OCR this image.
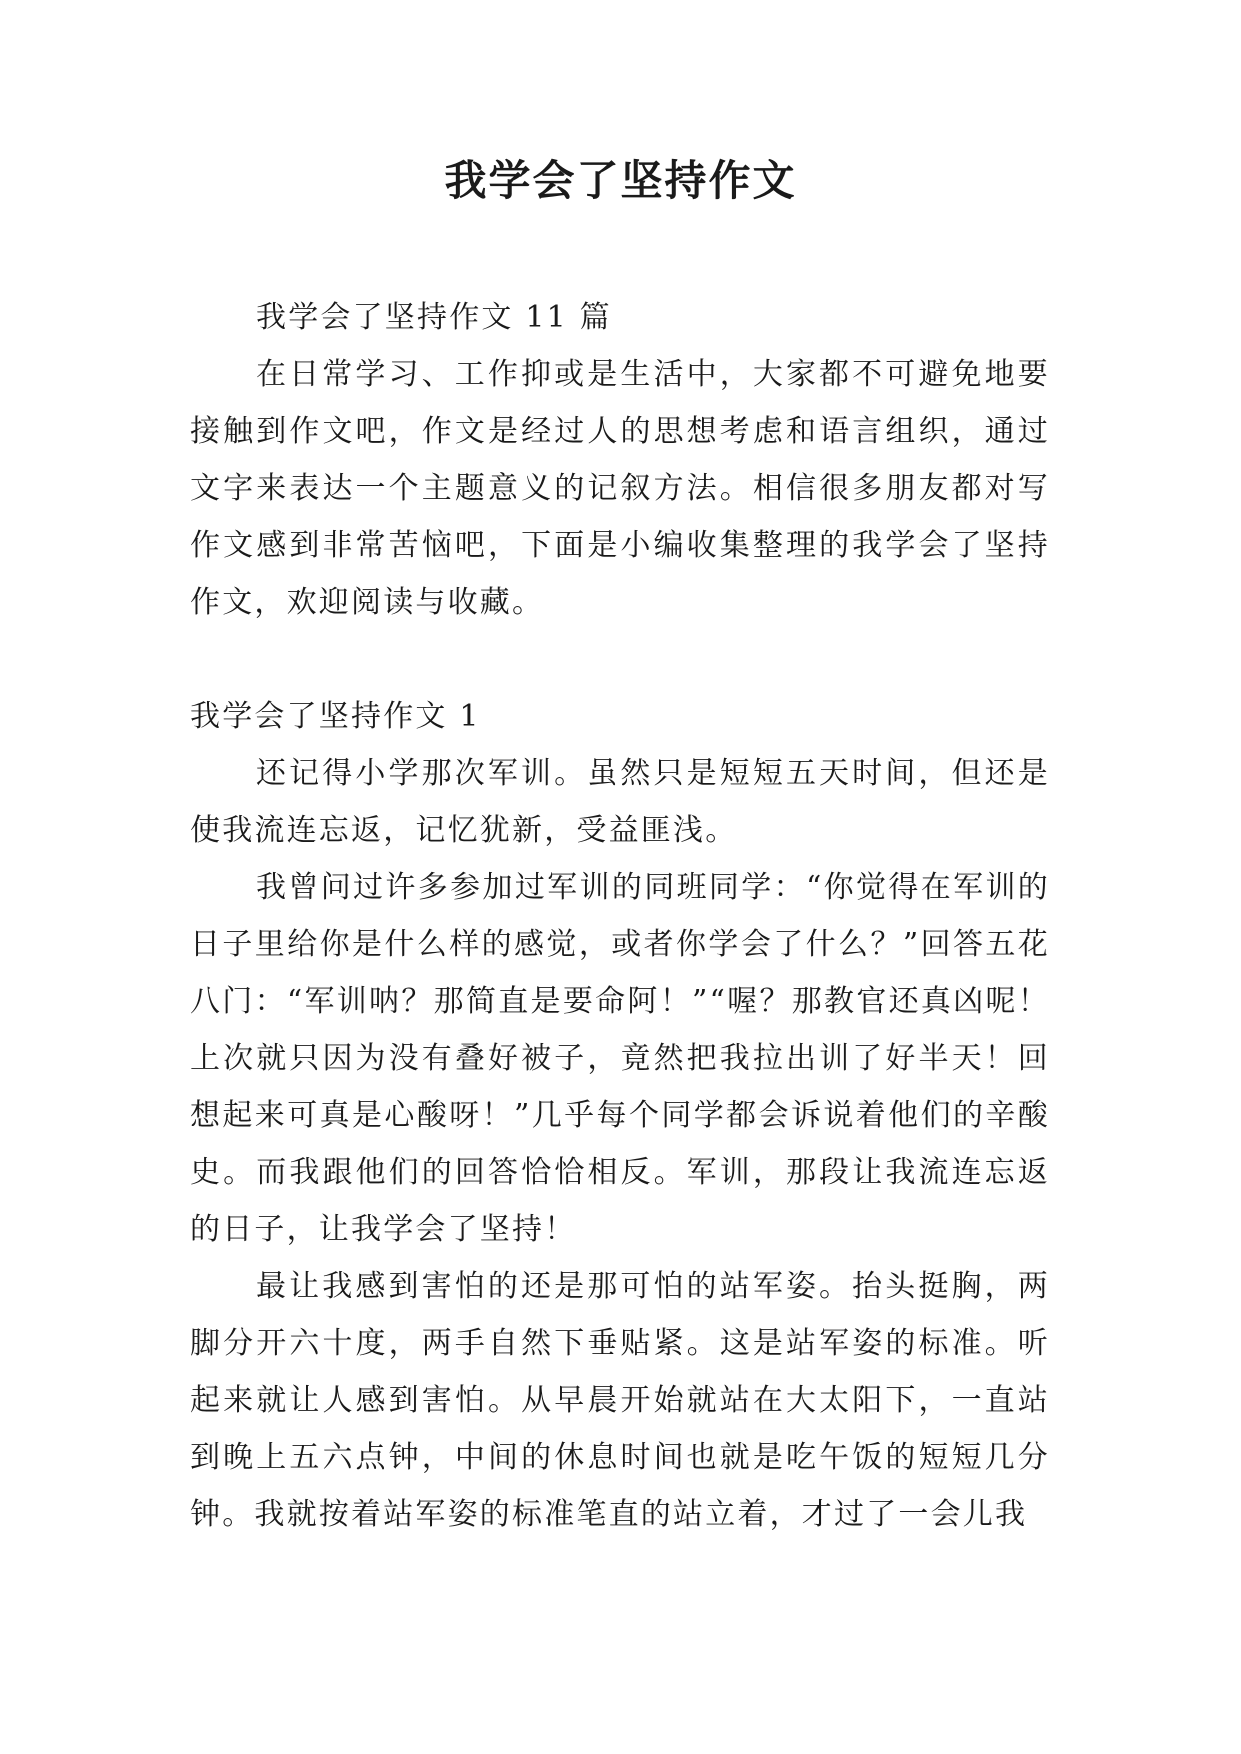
我学会了坚持作文

我学会了坚持作文 11 篇

在日常学习、工作抑或是生活中，大家都不可避免地要接触到作文吧，作文是经过人的思想考虑和语言组织，通过文字来表达一个主题意义的记叙方法。相信很多朋友都对写作文感到非常苦恼吧，下面是小编收集整理的我学会了坚持作文，欢迎阅读与收藏。

我学会了坚持作文 1

还记得小学那次军训。虽然只是短短五天时间，但还是使我流连忘返，记忆犹新，受益匪浅。

我曾问过许多参加过军训的同班同学：“你觉得在军训的日子里给你是什么样的感觉，或者你学会了什么？”回答五花八门：“军训呐？那简直是要命阿！”“喔？那教官还真凶呢！上次就只因为没有叠好被子，竟然把我拉出训了好半天！回想起来可真是心酸呀！”几乎每个同学都会诉说着他们的辛酸史。而我跟他们的回答恰恰相反。军训，那段让我流连忘返的日子，让我学会了坚持！

最让我感到害怕的还是那可怕的站军姿。抬头挺胸，两脚分开六十度，两手自然下垂贴紧。这是站军姿的标准。听起来就让人感到害怕。从早晨开始就站在大太阳下，一直站到晚上五六点钟，中间的休息时间也就是吃午饭的短短几分钟。我就按着站军姿的标准笔直的站立着，才过了一会儿我
